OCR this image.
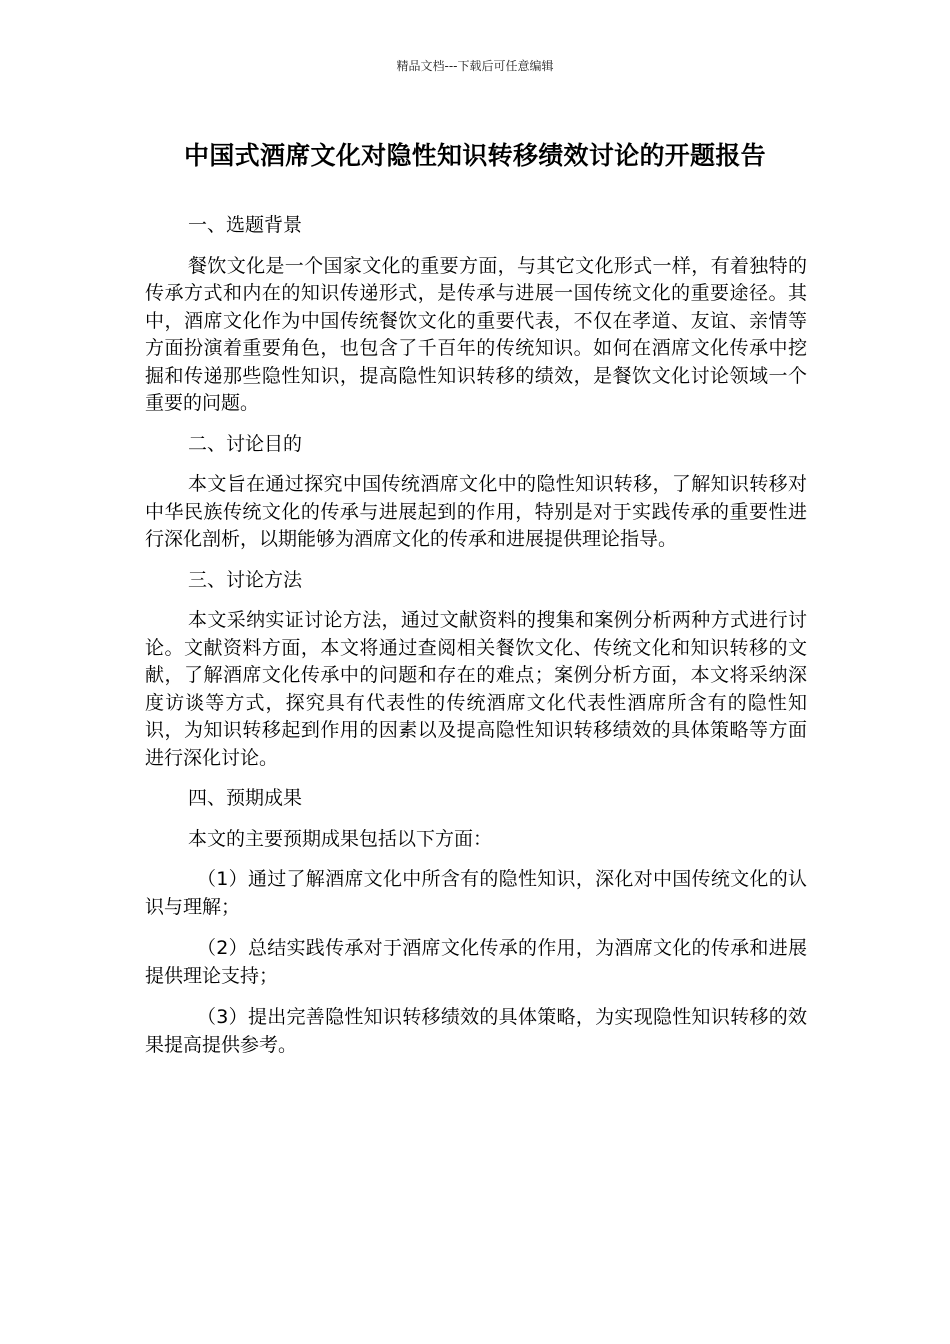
精品文档---下载后可任意编辑
中国式酒席文化对隐性知识转移绩效讨论的开题报告

一、选题背景

餐饮文化是一个国家文化的重要方面，与其它文化形式一样，有着独特的传承方式和内在的知识传递形式，是传承与进展一国传统文化的重要途径。其中，酒席文化作为中国传统餐饮文化的重要代表，不仅在孝道、友谊、亲情等方面扮演着重要角色，也包含了千百年的传统知识。如何在酒席文化传承中挖掘和传递那些隐性知识，提高隐性知识转移的绩效，是餐饮文化讨论领域一个重要的问题。

二、讨论目的

本文旨在通过探究中国传统酒席文化中的隐性知识转移，了解知识转移对中华民族传统文化的传承与进展起到的作用，特别是对于实践传承的重要性进行深化剖析，以期能够为酒席文化的传承和进展提供理论指导。

三、讨论方法

本文采纳实证讨论方法，通过文献资料的搜集和案例分析两种方式进行讨论。文献资料方面，本文将通过查阅相关餐饮文化、传统文化和知识转移的文献，了解酒席文化传承中的问题和存在的难点；案例分析方面，本文将采纳深度访谈等方式，探究具有代表性的传统酒席文化代表性酒席所含有的隐性知识，为知识转移起到作用的因素以及提高隐性知识转移绩效的具体策略等方面进行深化讨论。

四、预期成果

本文的主要预期成果包括以下方面：

（1）通过了解酒席文化中所含有的隐性知识，深化对中国传统文化的认识与理解；

（2）总结实践传承对于酒席文化传承的作用，为酒席文化的传承和进展提供理论支持；

（3）提出完善隐性知识转移绩效的具体策略，为实现隐性知识转移的效果提高提供参考。
